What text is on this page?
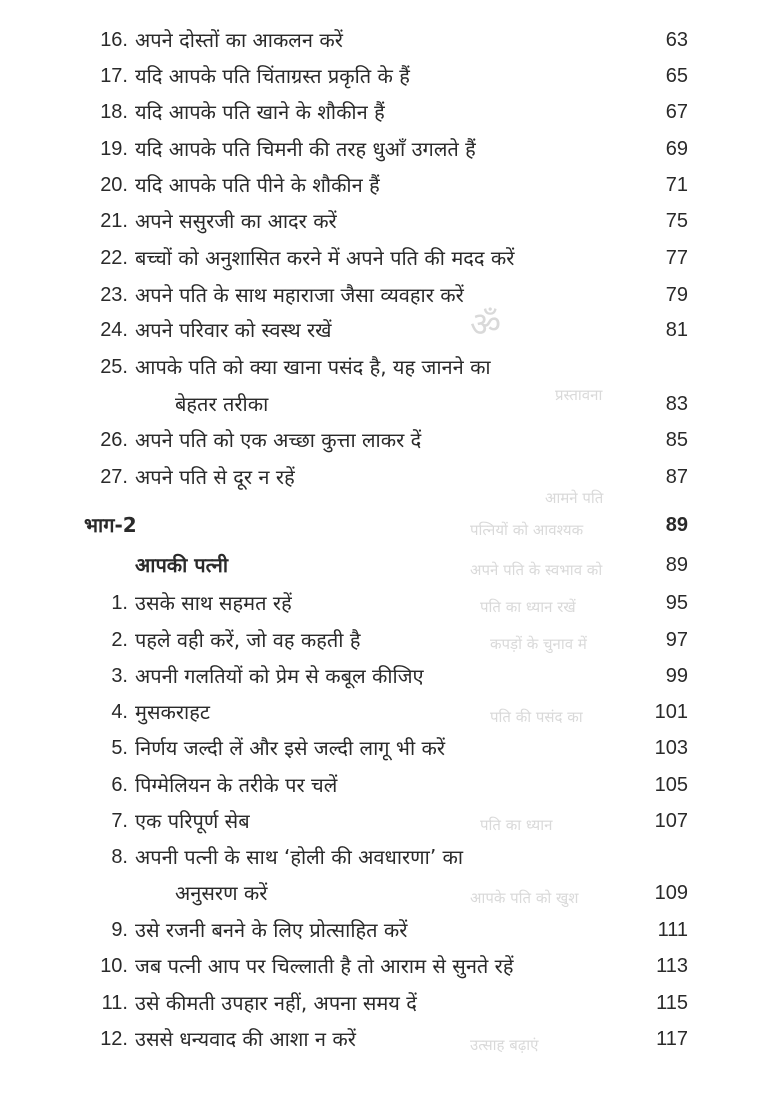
ॐ
प्रस्तावना
आमने पति
पत्नियों को आवश्यक
अपने पति के स्वभाव को
पति का ध्यान रखें
कपड़ों के चुनाव में
पति की पसंद का
पति का ध्यान
आपके पति को खुश
उत्साह बढ़ाएं
16. अपने दोस्तों का आकलन करें	63
17. यदि आपके पति चिंताग्रस्त प्रकृति के हैं	65
18. यदि आपके पति खाने के शौकीन हैं	67
19. यदि आपके पति चिमनी की तरह धुआँ उगलते हैं	69
20. यदि आपके पति पीने के शौकीन हैं	71
21. अपने ससुरजी का आदर करें	75
22. बच्चों को अनुशासित करने में अपने पति की मदद करें	77
23. अपने पति के साथ महाराजा जैसा व्यवहार करें	79
24. अपने परिवार को स्वस्थ रखें	81
25. आपके पति को क्या खाना पसंद है, यह जानने का
बेहतर तरीका	83
26. अपने पति को एक अच्छा कुत्ता लाकर दें	85
27. अपने पति से दूर न रहें	87
भाग-2	89
आपकी पत्नी	89
1. उसके साथ सहमत रहें	95
2. पहले वही करें, जो वह कहती है	97
3. अपनी गलतियों को प्रेम से कबूल कीजिए	99
4. मुसकराहट	101
5. निर्णय जल्दी लें और इसे जल्दी लागू भी करें	103
6. पिग्मेलियन के तरीके पर चलें	105
7. एक परिपूर्ण सेब	107
8. अपनी पत्नी के साथ ‘होली की अवधारणा’ का
अनुसरण करें	109
9. उसे रजनी बनने के लिए प्रोत्साहित करें	111
10. जब पत्नी आप पर चिल्लाती है तो आराम से सुनते रहें	113
11. उसे कीमती उपहार नहीं, अपना समय दें	115
12. उससे धन्यवाद की आशा न करें	117
